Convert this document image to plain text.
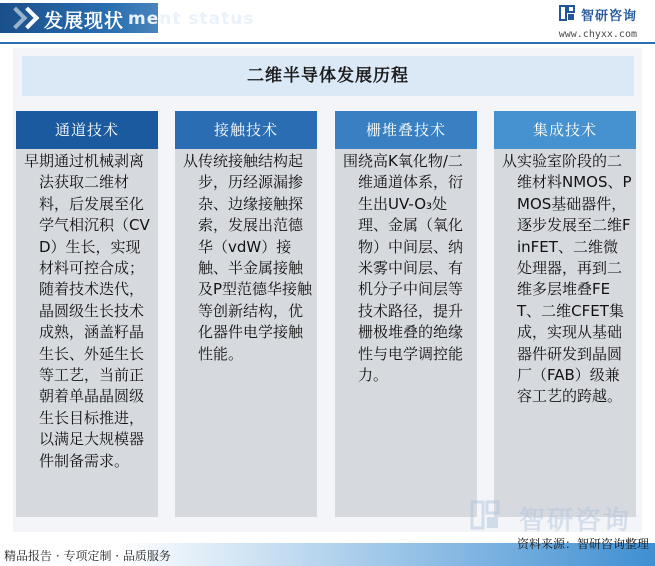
发展现状 ment status	智研咨询
www.chyxx.com
二维半导体发展历程
通道技术
早期通过机械剥离法获取二维材料，后发展至化学气相沉积（CVD）生长，实现材料可控合成；随着技术迭代，晶圆级生长技术成熟，涵盖籽晶生长、外延生长等工艺，当前正朝着单晶晶圆级生长目标推进，以满足大规模器件制备需求。
接触技术
从传统接触结构起步，历经源漏掺杂、边缘接触探索，发展出范德华（vdW）接触、半金属接触及P型范德华接触等创新结构，优化器件电学接触性能。
栅堆叠技术
围绕高Κ氧化物/二维通道体系，衍生出UV-O₃处理、金属（氧化物）中间层、纳米雾中间层、有机分子中间层等技术路径，提升栅极堆叠的绝缘性与电学调控能力。
集成技术
从实验室阶段的二维材料NMOS、PMOS基础器件，逐步发展至二维FinFET、二维微处理器，再到二维多层堆叠FET、二维CFET集成，实现从基础器件研发到晶圆厂（FAB）级兼容工艺的跨越。
智研咨询
精品报告 · 专项定制 · 品质服务
资料来源：智研咨询整理
